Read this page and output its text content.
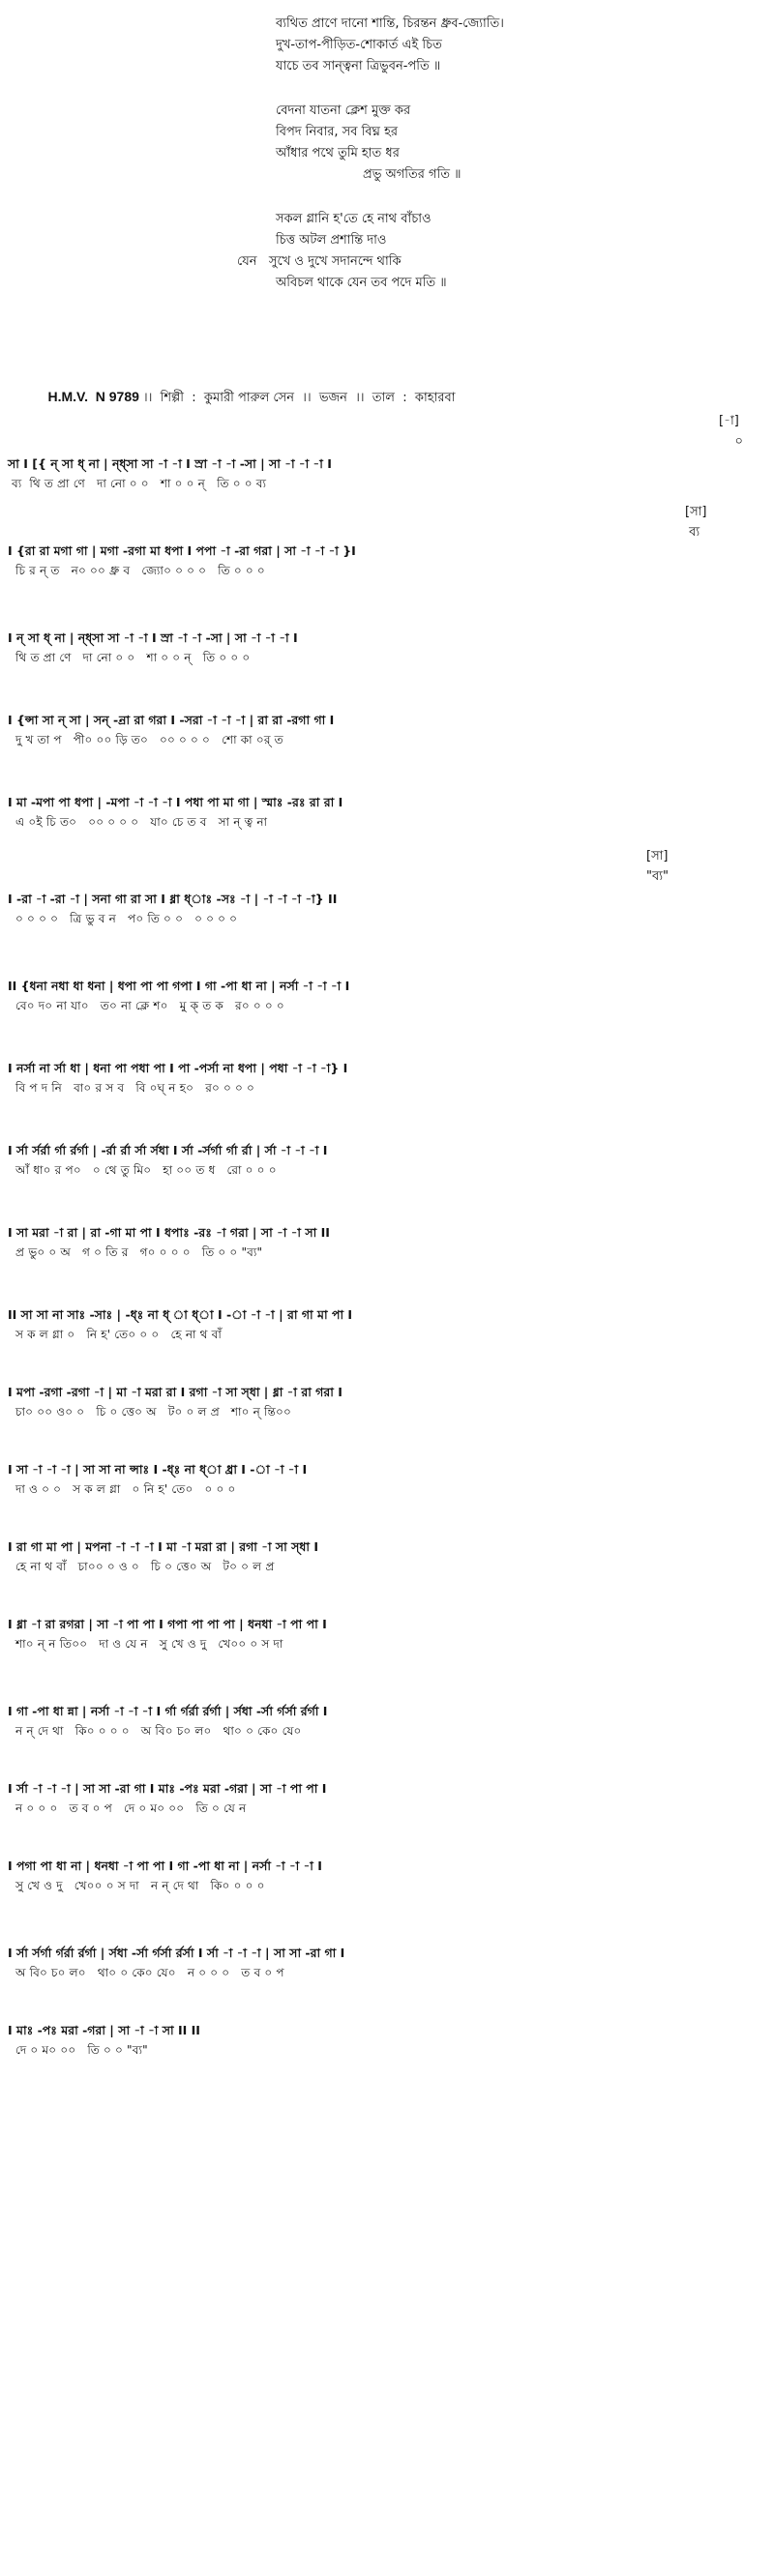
ব্যথিত প্রাণে দানো শান্তি, চিরন্তন ধ্রুব-জ্যোতি।
দুখ-তাপ-পীড়িত-শোকার্ত এই চিত
যাচে তব সান্ত্বনা ত্রিভুবন-পতি ॥
বেদনা যাতনা ক্লেশ মুক্ত কর
বিপদ নিবার, সব বিঘ্ন হর
আঁধার পথে তুমি হাত ধর
প্রভু অগতির গতি ॥
সকল গ্লানি হ'তে হে নাথ বাঁচাও
চিত্ত অটল প্রশান্তি দাও
যেন   সুখে ও দুখে সদানন্দে থাকি
অবিচল থাকে যেন তব পদে মতি ॥

H.M.V.  N 9789 ।।  শিল্পী  :  কুমারী পারুল সেন  ।।  ভজন  ।।  তাল  :  কাহারবা

[-া]
০
সা I [{ ন্ সা ধ্ না | ন্ধ্সা সা -া -া I স্রা -া -া -সা | সা -া -া -া I
ব্য  থি ত প্রা ণে   দা নো ০ ০   শা ০ ০ ন্   তি ০ ০ ব্য
[সা]
ব্য
I {রা রা মগা গা | মগা -রগা মা ধপা I পপা -া -রা গরা | সা -া -া -া }I
চি র ন্ ত   ন০ ০০ ধ্রু ব   জ্যো০ ০ ০ ০   তি ০ ০ ০
I ন্ সা ধ্ না | ন্ধ্সা সা -া -া I স্রা -া -া -সা | সা -া -া -া I
থি ত প্রা ণে   দা নো ০ ০   শা ০ ০ ন্   তি ০ ০ ০
I {ন্সা সা ন্ সা | সন্ -ন্রা রা গরা I -সরা -া -া -া | রা রা -রগা গা I
দু খ তা প   পী০ ০০ ড়ি ত০   ০০ ০ ০ ০   শো কা ০র্ ত
I মা -মপা পা ধপা | -মপা -া -া -া I পধা পা মা গা | স্মাঃ -রঃ রা রা I
এ ০ই চি ত০   ০০ ০ ০ ০   যা০ চে ত ব   সা ন্ ত্ব না
[সা]
"ব্য"
I -রা -া -রা -া | সনা গা রা সা I ধ্না ধ্াঃ -সঃ -া | -া -া -া -া} II
০ ০ ০ ০   ত্রি ভু ব ন   প০ তি ০ ০   ০ ০ ০ ০
II {ধনা নধা ধা ধনা | ধপা পা পা গপা I গা -পা ধা না | নর্সা -া -া -া I
বে০ দ০ না যা০   ত০ না ক্লে শ০   মু ক্ ত ক   র০ ০ ০ ০
I নর্সা না র্সা ধা | ধনা পা পধা পা I পা -পর্সা না ধপা | পধা -া -া -া} I
বি প দ নি   বা০ র স ব   বি ০ঘ্ ন হ০   র০ ০ ০ ০
I র্সা র্সর্রা র্গা র্রর্গা | -র্রা র্রা র্সা র্সধা I র্সা -র্সর্গা র্গা র্রা | র্সা -া -া -া I
আঁ ধা০ র প০   ০ থে তু মি০   হা ০০ ত ধ   রো ০ ০ ০
I সা মরা -া রা | রা -গা মা পা I ধপাঃ -রঃ -া গরা | সা -া -া সা II
প্র ভু০ ০ অ   গ ০ তি র   গ০ ০ ০ ০   তি ০ ০ "ব্য"
II সা সা না সাঃ -সাঃ | -ধ্ঃ না ধ্ া ধ্া I -া -া -া | রা গা মা পা I
স ক ল গ্লা ০   নি হ' তে০ ০ ০   হে না থ বাঁ
I মপা -রগা -রগা -া | মা -া মরা রা I রগা -া সা স্ধা | ধ্না -া রা গরা I
চা০ ০০ ও০ ০   চি ০ ত্তে০ অ   ট০ ০ ল প্র   শা০ ন্ ন্তি০০
I সা -া -া -া | সা সা না ন্সাঃ I -ধ্ঃ না ধ্া ধ্রা I -া -া -া I
দা ও ০ ০   স ক ল গ্লা   ০ নি হ' তে০   ০ ০ ০
I রা গা মা পা | মপনা -া -া -া I মা -া মরা রা | রগা -া সা স্ধা I
হে না থ বাঁ   চা০০ ০ ও ০   চি ০ ত্তে০ অ   ট০ ০ ল প্র
I ধ্না -া রা রগরা | সা -া পা পা I গপা পা পা পা | ধনধা -া পা পা I
শা০ ন্ ন তি০০   দা ও যে ন   সু খে ও দু   খে০০ ০ স দা
I গা -পা ধা ন্না | নর্সা -া -া -া I র্গা র্গর্রা র্রর্গা | র্সধা -র্সা র্গর্সা র্রর্গা I
ন ন্ দে থা   কি০ ০ ০ ০   অ বি০ চ০ ল০   থা০ ০ কে০ যে০
I র্সা -া -া -া | সা সা -রা গা I মাঃ -পঃ মরা -গরা | সা -া পা পা I
ন ০ ০ ০   ত ব ০ প   দে ০ ম০ ০০   তি ০ যে ন
I পগা পা ধা না | ধনধা -া পা পা I গা -পা ধা না | নর্সা -া -া -া I
সু খে ও দু   খে০০ ০ স দা   ন ন্ দে থা   কি০ ০ ০ ০
I র্সা র্সর্গা র্গর্রা র্রর্গা | র্সধা -র্সা র্গর্সা র্রর্সা I র্সা -া -া -া | সা সা -রা গা I
অ বি০ চ০ ল০   থা০ ০ কে০ যে০   ন ০ ০ ০   ত ব ০ প
I মাঃ -পঃ মরা -গরা | সা -া -া সা II II
দে ০ ম০ ০০   তি ০ ০ "ব্য"
